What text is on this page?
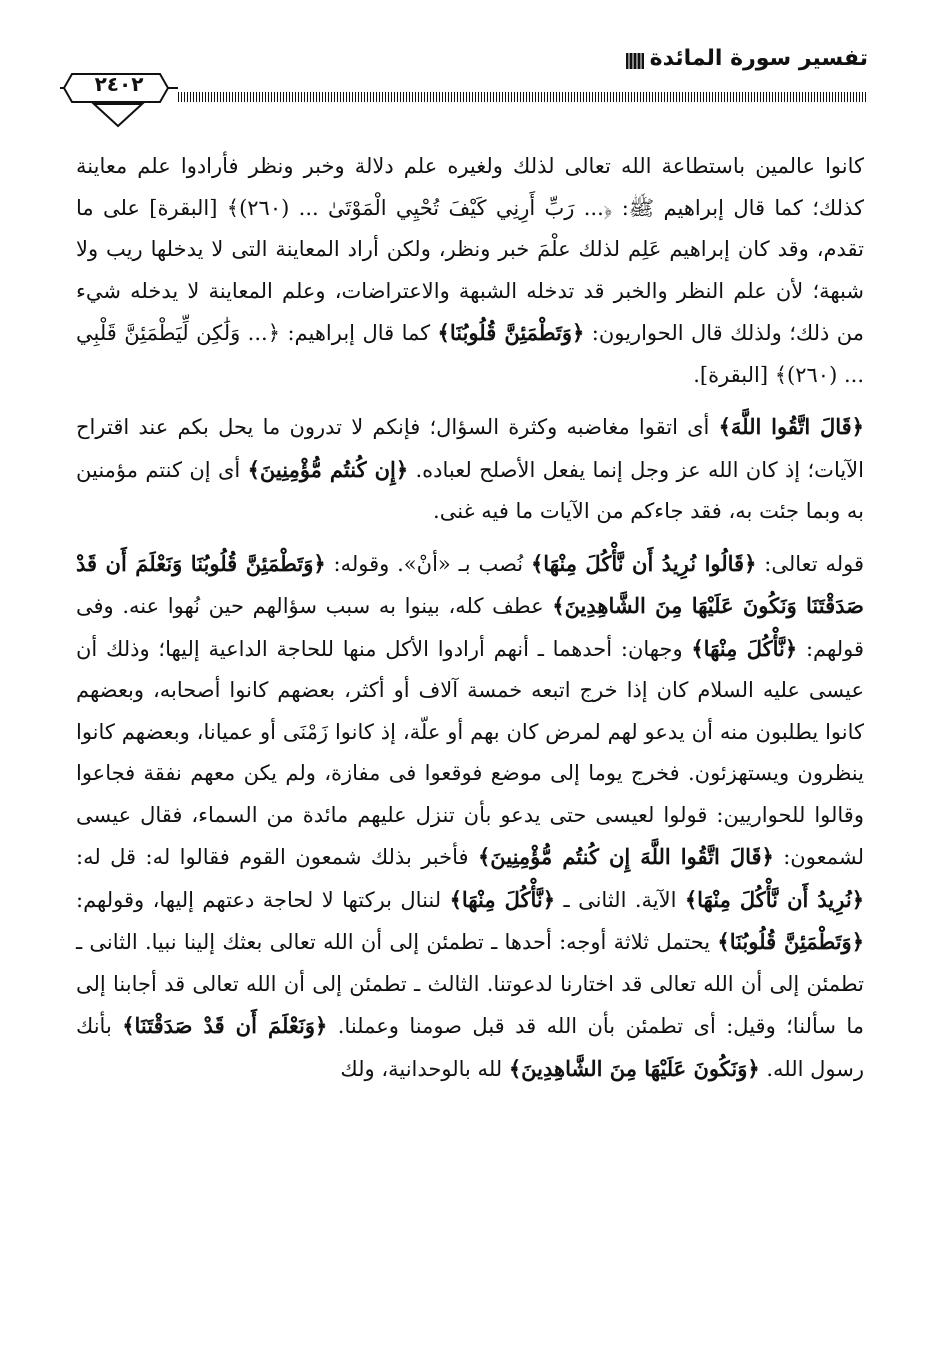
تفسير سورة المائدة
٢٤٠٢

كانوا عالمين باستطاعة الله تعالى لذلك ولغيره علم دلالة وخبر ونظر فأرادوا علم معاينة كذلك؛ كما قال إبراهيم ﷺ: ﴿... رَبِّ أَرِنِي كَيْفَ تُحْيِي الْمَوْتَىٰ ... (٢٦٠)﴾ [البقرة] على ما تقدم، وقد كان إبراهيم عَلِم لذلك علْمَ خبر ونظر، ولكن أراد المعاينة التى لا يدخلها ريب ولا شبهة؛ لأن علم النظر والخبر قد تدخله الشبهة والاعتراضات، وعلم المعاينة لا يدخله شيء من ذلك؛ ولذلك قال الحواريون: ﴿وَتَطْمَئِنَّ قُلُوبُنَا﴾ كما قال إبراهيم: ﴿... وَلَٰكِن لِّيَطْمَئِنَّ قَلْبِي ... (٢٦٠)﴾ [البقرة].

﴿قَالَ اتَّقُوا اللَّهَ﴾ أى اتقوا مغاضبه وكثرة السؤال؛ فإنكم لا تدرون ما يحل بكم عند اقتراح الآيات؛ إذ كان الله عز وجل إنما يفعل الأصلح لعباده. ﴿إِن كُنتُم مُّؤْمِنِينَ﴾ أى إن كنتم مؤمنين به وبما جئت به، فقد جاءكم من الآيات ما فيه غنى.

قوله تعالى: ﴿قَالُوا نُرِيدُ أَن نَّأْكُلَ مِنْهَا﴾ نُصب بـ «أنْ». وقوله: ﴿وَتَطْمَئِنَّ قُلُوبُنَا وَنَعْلَمَ أَن قَدْ صَدَقْتَنَا وَنَكُونَ عَلَيْهَا مِنَ الشَّاهِدِينَ﴾ عطف كله، بينوا به سبب سؤالهم حين نُهوا عنه. وفى قولهم: ﴿نَّأْكُلَ مِنْهَا﴾ وجهان: أحدهما ـ أنهم أرادوا الأكل منها للحاجة الداعية إليها؛ وذلك أن عيسى عليه السلام كان إذا خرج اتبعه خمسة آلاف أو أكثر، بعضهم كانوا أصحابه، وبعضهم كانوا يطلبون منه أن يدعو لهم لمرض كان بهم أو علّة، إذ كانوا زَمْنَى أو عميانا، وبعضهم كانوا ينظرون ويستهزئون. فخرج يوما إلى موضع فوقعوا فى مفازة، ولم يكن معهم نفقة فجاعوا وقالوا للحواريين: قولوا لعيسى حتى يدعو بأن تنزل عليهم مائدة من السماء، فقال عيسى لشمعون: ﴿قَالَ اتَّقُوا اللَّهَ إِن كُنتُم مُّؤْمِنِينَ﴾ فأخبر بذلك شمعون القوم فقالوا له: قل له: ﴿نُرِيدُ أَن نَّأْكُلَ مِنْهَا﴾ الآية. الثانى ـ ﴿نَّأْكُلَ مِنْهَا﴾ لننال بركتها لا لحاجة دعتهم إليها، وقولهم: ﴿وَتَطْمَئِنَّ قُلُوبُنَا﴾ يحتمل ثلاثة أوجه: أحدها ـ تطمئن إلى أن الله تعالى بعثك إلينا نبيا. الثانى ـ تطمئن إلى أن الله تعالى قد اختارنا لدعوتنا. الثالث ـ تطمئن إلى أن الله تعالى قد أجابنا إلى ما سألنا؛ وقيل: أى تطمئن بأن الله قد قبل صومنا وعملنا. ﴿وَنَعْلَمَ أَن قَدْ صَدَقْتَنَا﴾ بأنك رسول الله. ﴿وَنَكُونَ عَلَيْهَا مِنَ الشَّاهِدِينَ﴾ لله بالوحدانية، ولك
